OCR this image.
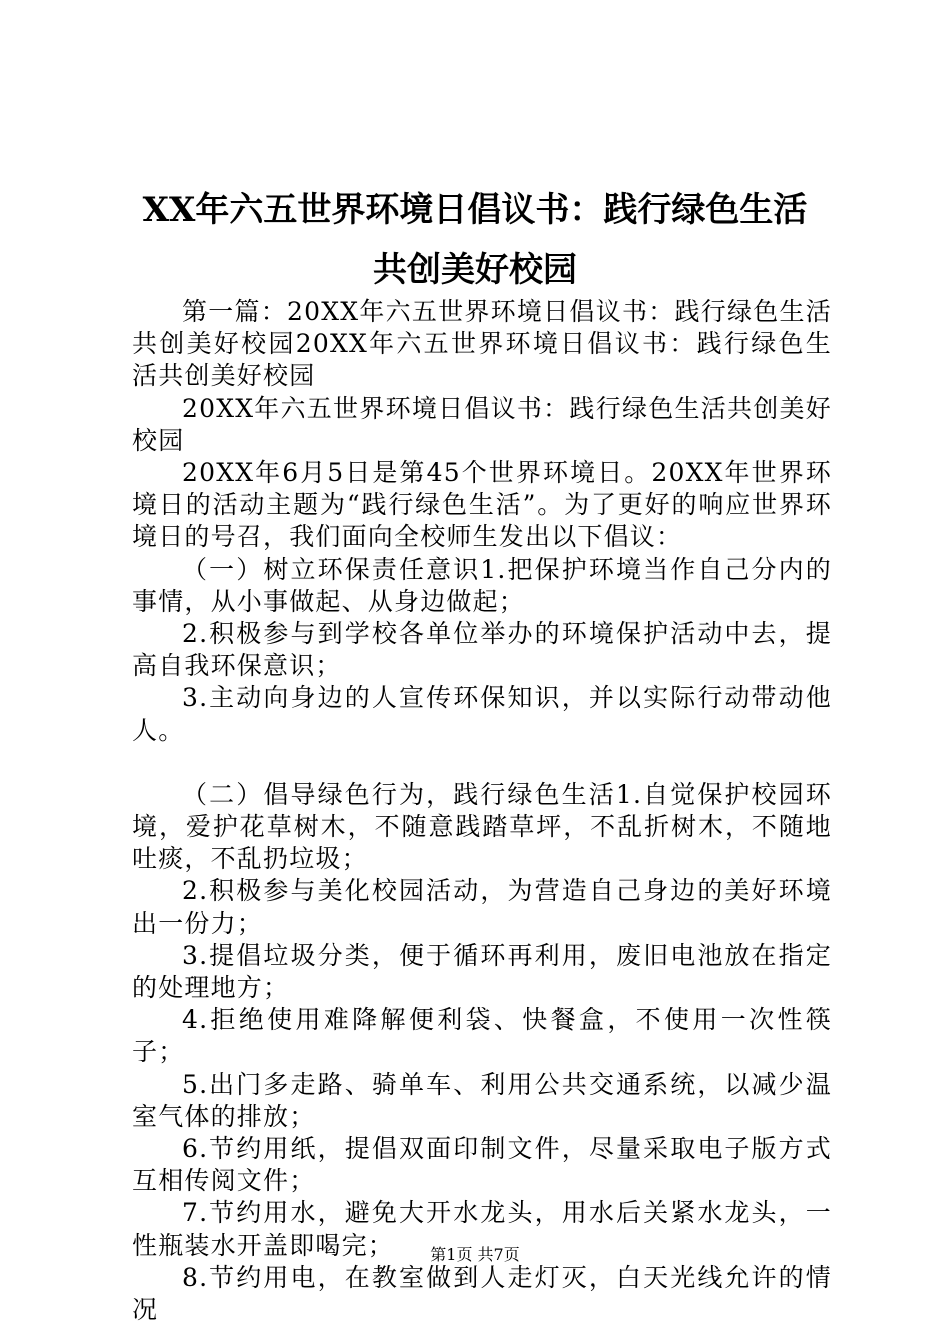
XX年六五世界环境日倡议书：践行绿色生活
共创美好校园

第一篇：20XX年六五世界环境日倡议书：践行绿色生活共创美好校园20XX年六五世界环境日倡议书：践行绿色生活共创美好校园

20XX年六五世界环境日倡议书：践行绿色生活共创美好校园

20XX年6月5日是第45个世界环境日。20XX年世界环境日的活动主题为“践行绿色生活”。为了更好的响应世界环境日的号召，我们面向全校师生发出以下倡议：

（一）树立环保责任意识1.把保护环境当作自己分内的事情，从小事做起、从身边做起；

2.积极参与到学校各单位举办的环境保护活动中去，提高自我环保意识；

3.主动向身边的人宣传环保知识，并以实际行动带动他人。

（二）倡导绿色行为，践行绿色生活1.自觉保护校园环境，爱护花草树木，不随意践踏草坪，不乱折树木，不随地吐痰，不乱扔垃圾；

2.积极参与美化校园活动，为营造自己身边的美好环境出一份力；

3.提倡垃圾分类，便于循环再利用，废旧电池放在指定的处理地方；

4.拒绝使用难降解便利袋、快餐盒，不使用一次性筷子；

5.出门多走路、骑单车、利用公共交通系统，以减少温室气体的排放；

6.节约用纸，提倡双面印制文件，尽量采取电子版方式互相传阅文件；

7.节约用水，避免大开水龙头，用水后关紧水龙头，一性瓶装水开盖即喝完；

8.节约用电，在教室做到人走灯灭，白天光线允许的情况

第1页 共7页
